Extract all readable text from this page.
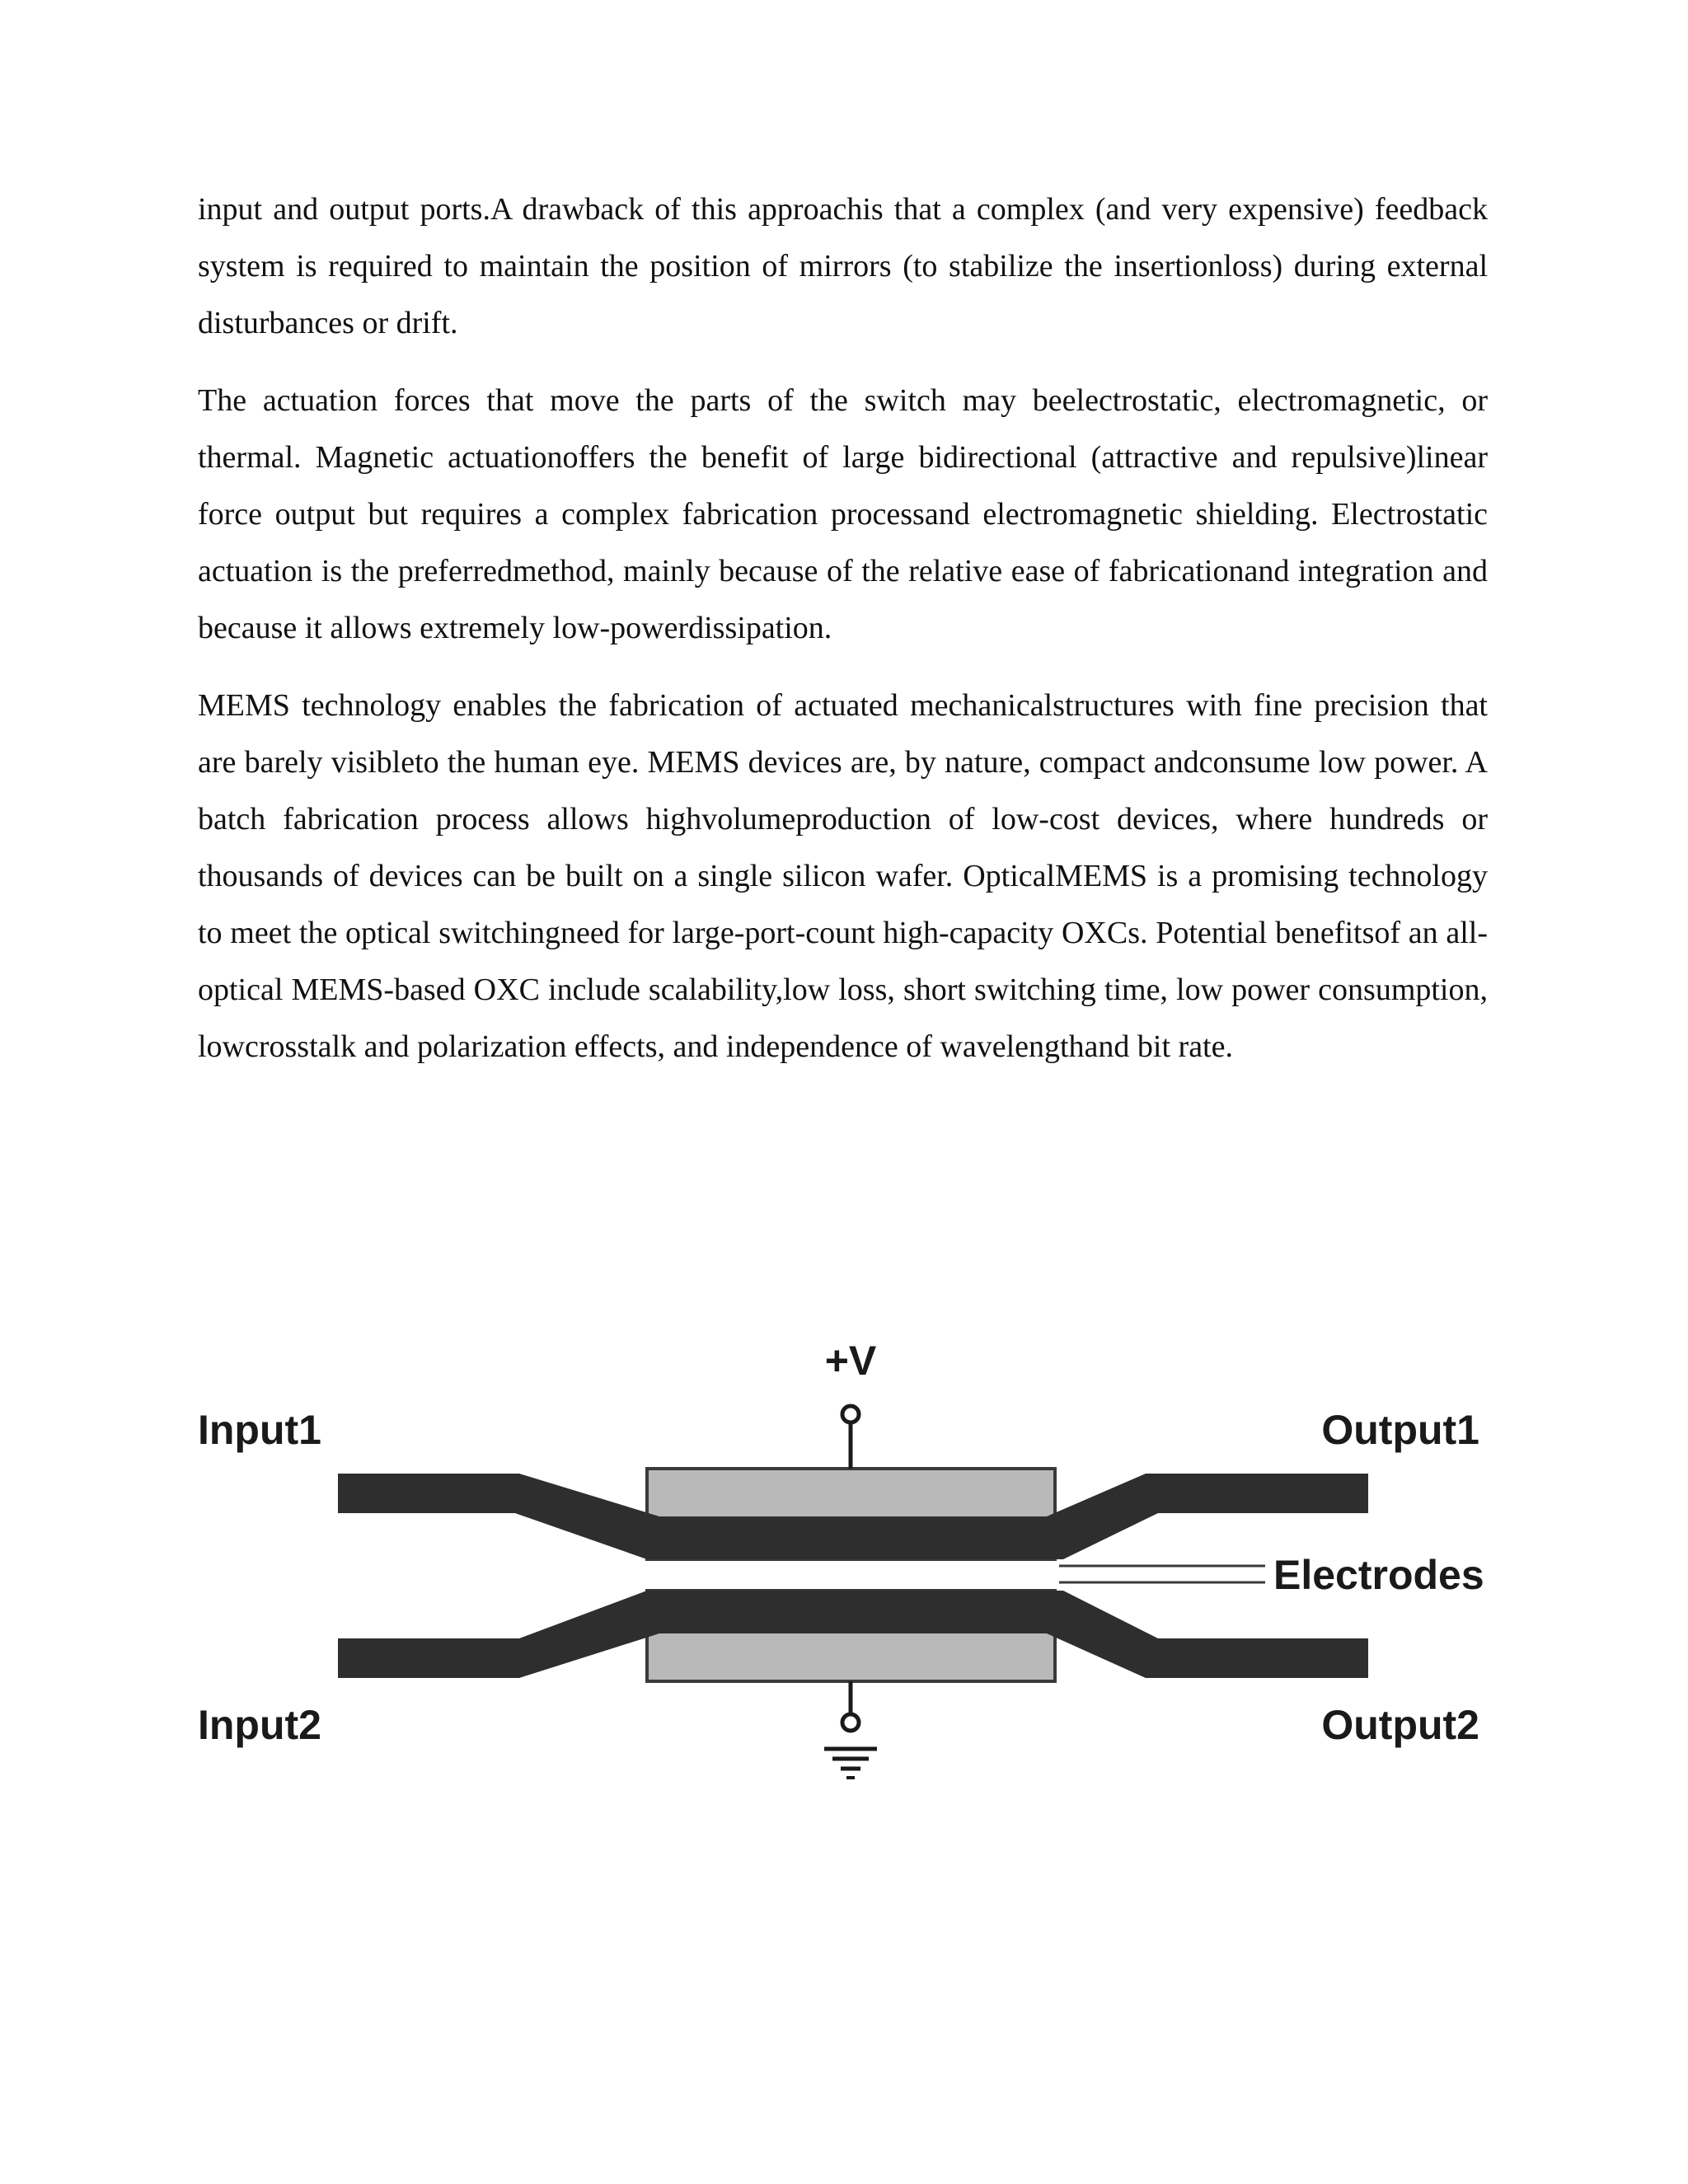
input and output ports.A drawback of this approachis that a complex (and very expensive) feedback system is required to maintain the position of mirrors (to stabilize the insertionloss) during external disturbances or drift.

The actuation forces that move the parts of the switch may beelectrostatic, electromagnetic, or thermal. Magnetic actuationoffers the benefit of large bidirectional (attractive and repulsive)linear force output but requires a complex fabrication processand electromagnetic shielding. Electrostatic actuation is the preferredmethod, mainly because of the relative ease of fabricationand integration and because it allows extremely low-powerdissipation.

MEMS technology enables the fabrication of actuated mechanicalstructures with fine precision that are barely visibleto the human eye. MEMS devices are, by nature, compact andconsume low power. A batch fabrication process allows highvolumeproduction of low-cost devices, where hundreds or thousands of devices can be built on a single silicon wafer. OpticalMEMS is a promising technology to meet the optical switchingneed for large-port-count high-capacity OXCs. Potential benefitsof an all-optical MEMS-based OXC include scalability,low loss, short switching time, low power consumption, lowcrosstalk and polarization effects, and independence of wavelengthand bit rate.

+V
Input1
Input2
Output1
Output2
Electrodes
